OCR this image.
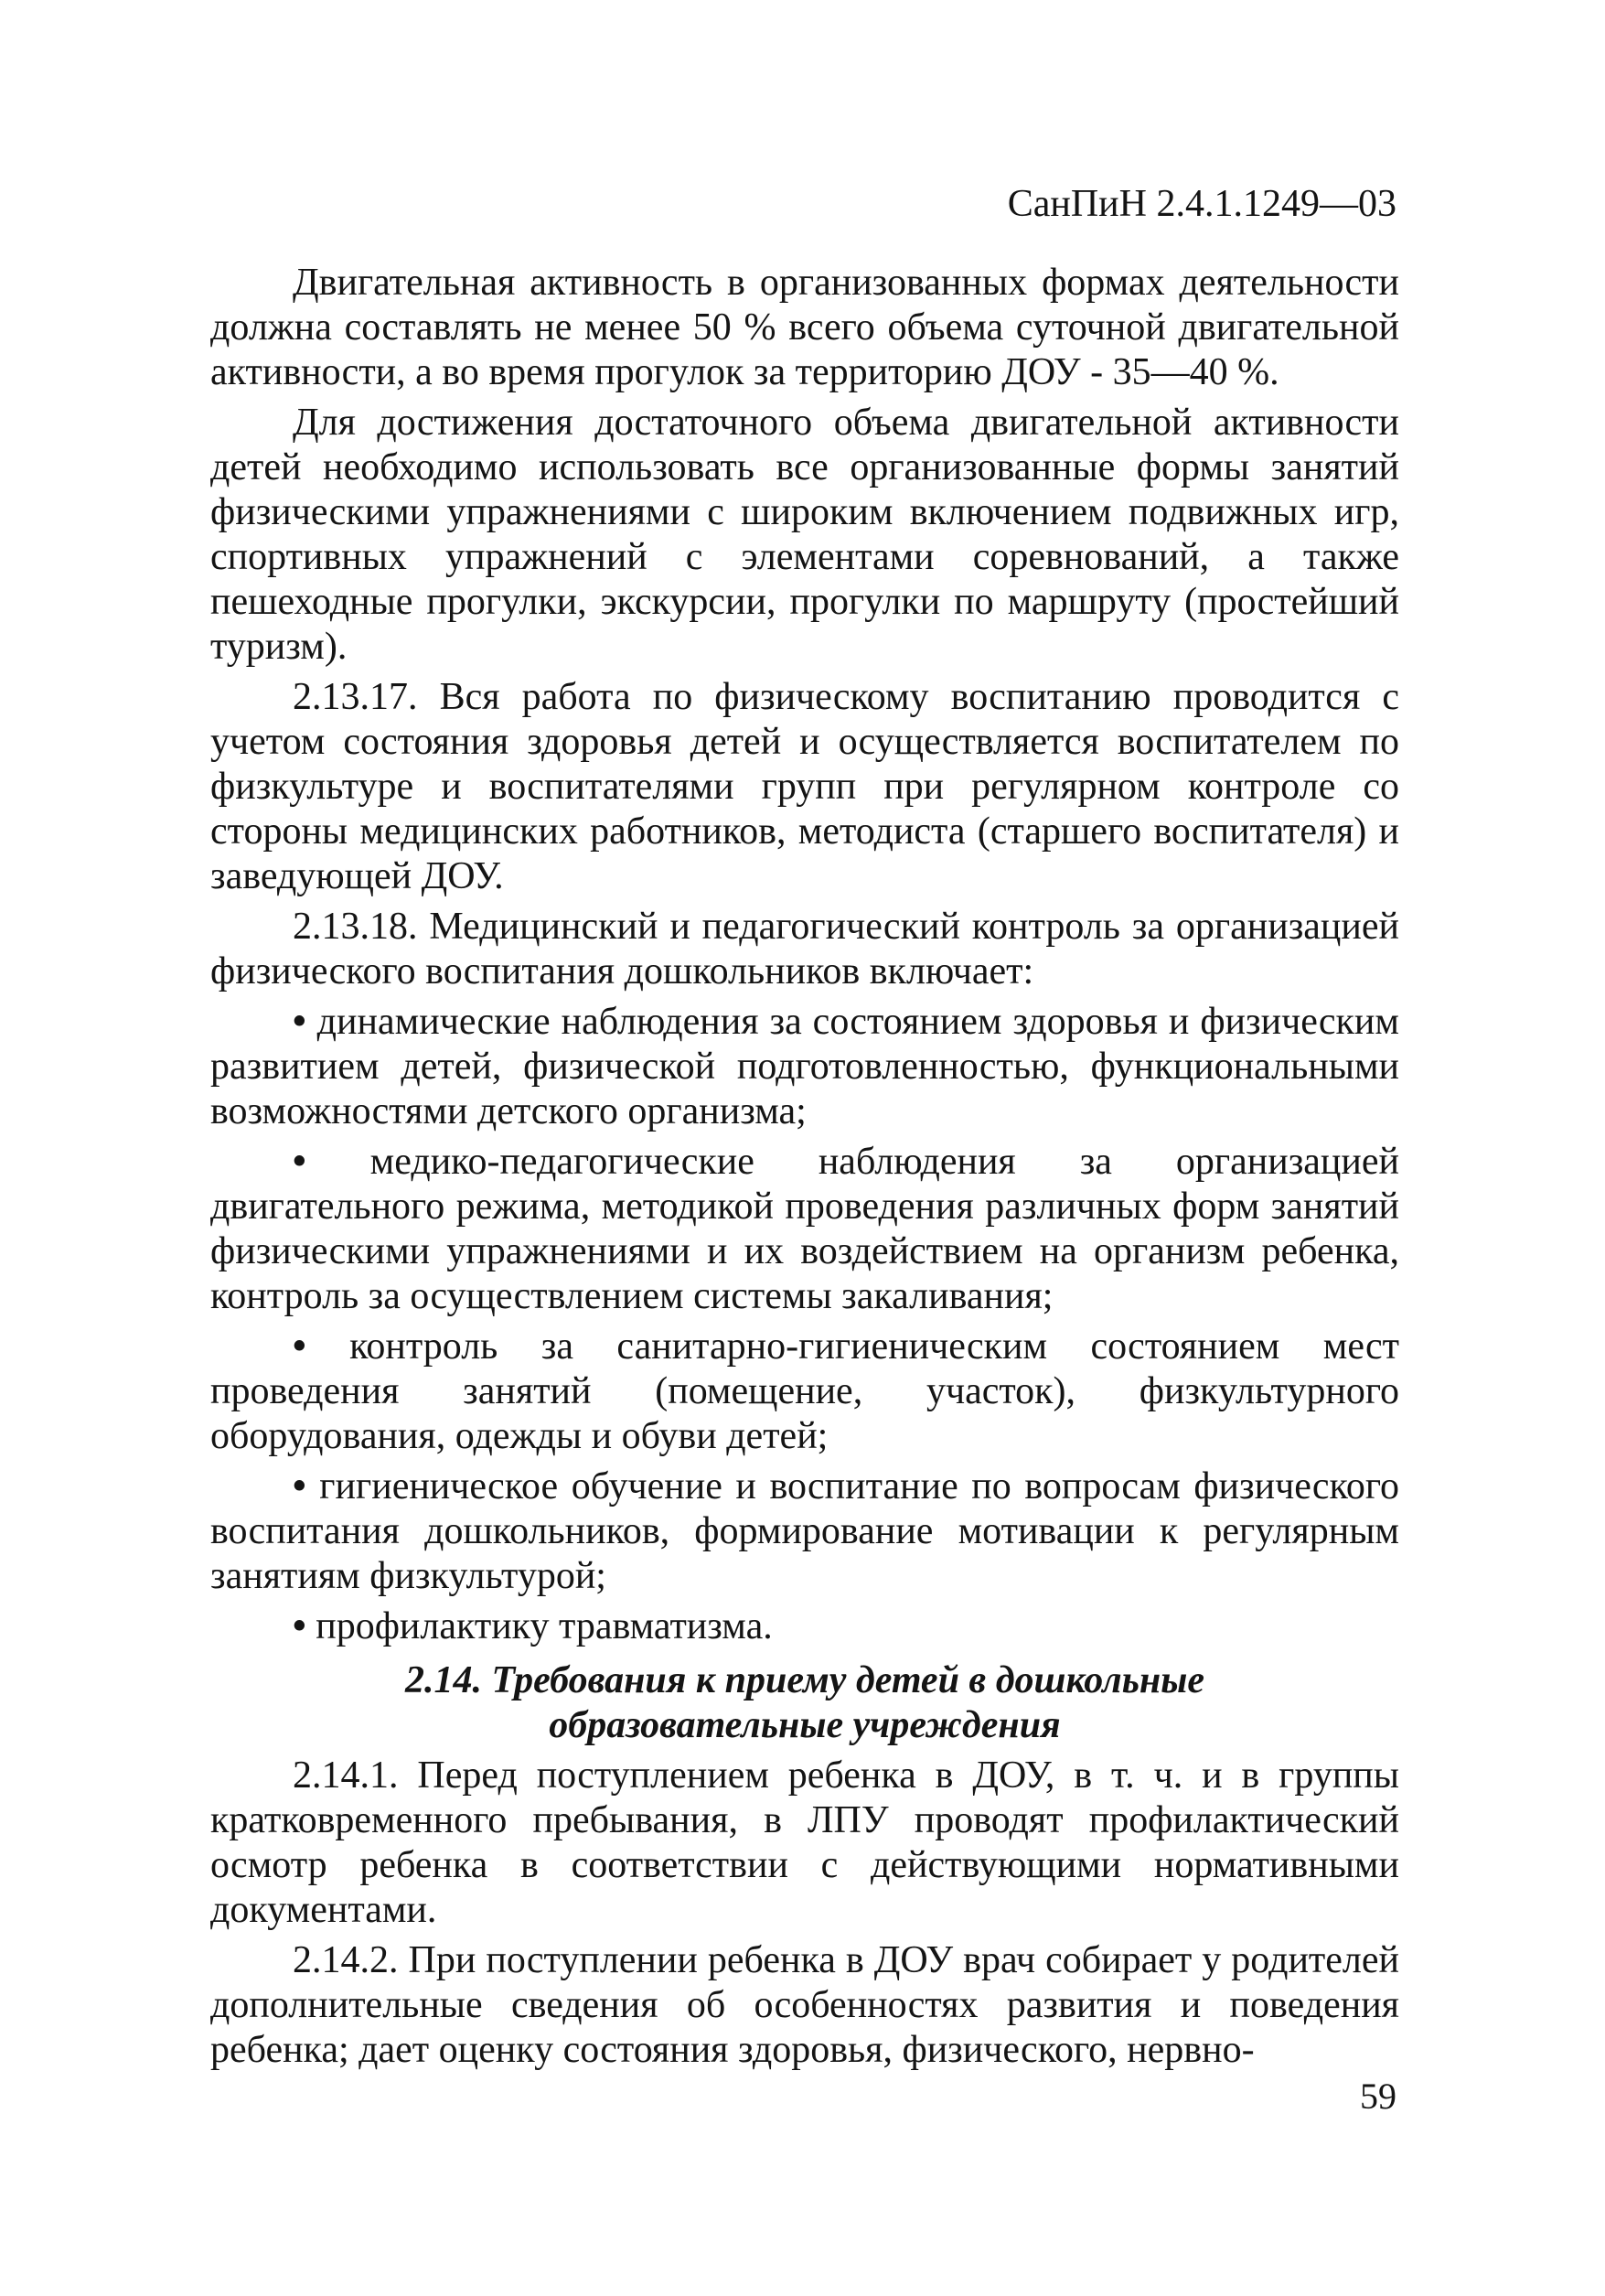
СанПиН 2.4.1.1249—03

Двигательная активность в организованных формах деятельности должна составлять не менее 50 % всего объема суточной двигательной активности, а во время прогулок за территорию ДОУ - 35—40 %.

Для достижения достаточного объема двигательной активности детей необходимо использовать все организованные формы занятий физическими упражнениями с широким включением подвижных игр, спортивных упражнений с элементами соревнований, а также пешеходные прогулки, экскурсии, прогулки по маршруту (простейший туризм).

2.13.17. Вся работа по физическому воспитанию проводится с учетом состояния здоровья детей и осуществляется воспитателем по физкультуре и воспитателями групп при регулярном контроле со стороны медицинских работников, методиста (старшего воспитателя) и заведующей ДОУ.

2.13.18. Медицинский и педагогический контроль за организацией физического воспитания дошкольников включает:

• динамические наблюдения за состоянием здоровья и физическим развитием детей, физической подготовленностью, функциональными возможностями детского организма;
• медико-педагогические наблюдения за организацией двигательного режима, методикой проведения различных форм занятий физическими упражнениями и их воздействием на организм ребенка, контроль за осуществлением системы закаливания;
• контроль за санитарно-гигиеническим состоянием мест проведения занятий (помещение, участок), физкультурного оборудования, одежды и обуви детей;
• гигиеническое обучение и воспитание по вопросам физического воспитания дошкольников, формирование мотивации к регулярным занятиям физкультурой;
• профилактику травматизма.
2.14. Требования к приему детей в дошкольные
образовательные учреждения

2.14.1. Перед поступлением ребенка в ДОУ, в т. ч. и в группы кратковременного пребывания, в ЛПУ проводят профилактический осмотр ребенка в соответствии с действующими нормативными документами.

2.14.2. При поступлении ребенка в ДОУ врач собирает у родителей дополнительные сведения об особенностях развития и поведения ребенка; дает оценку состояния здоровья, физического, нервно-

59
